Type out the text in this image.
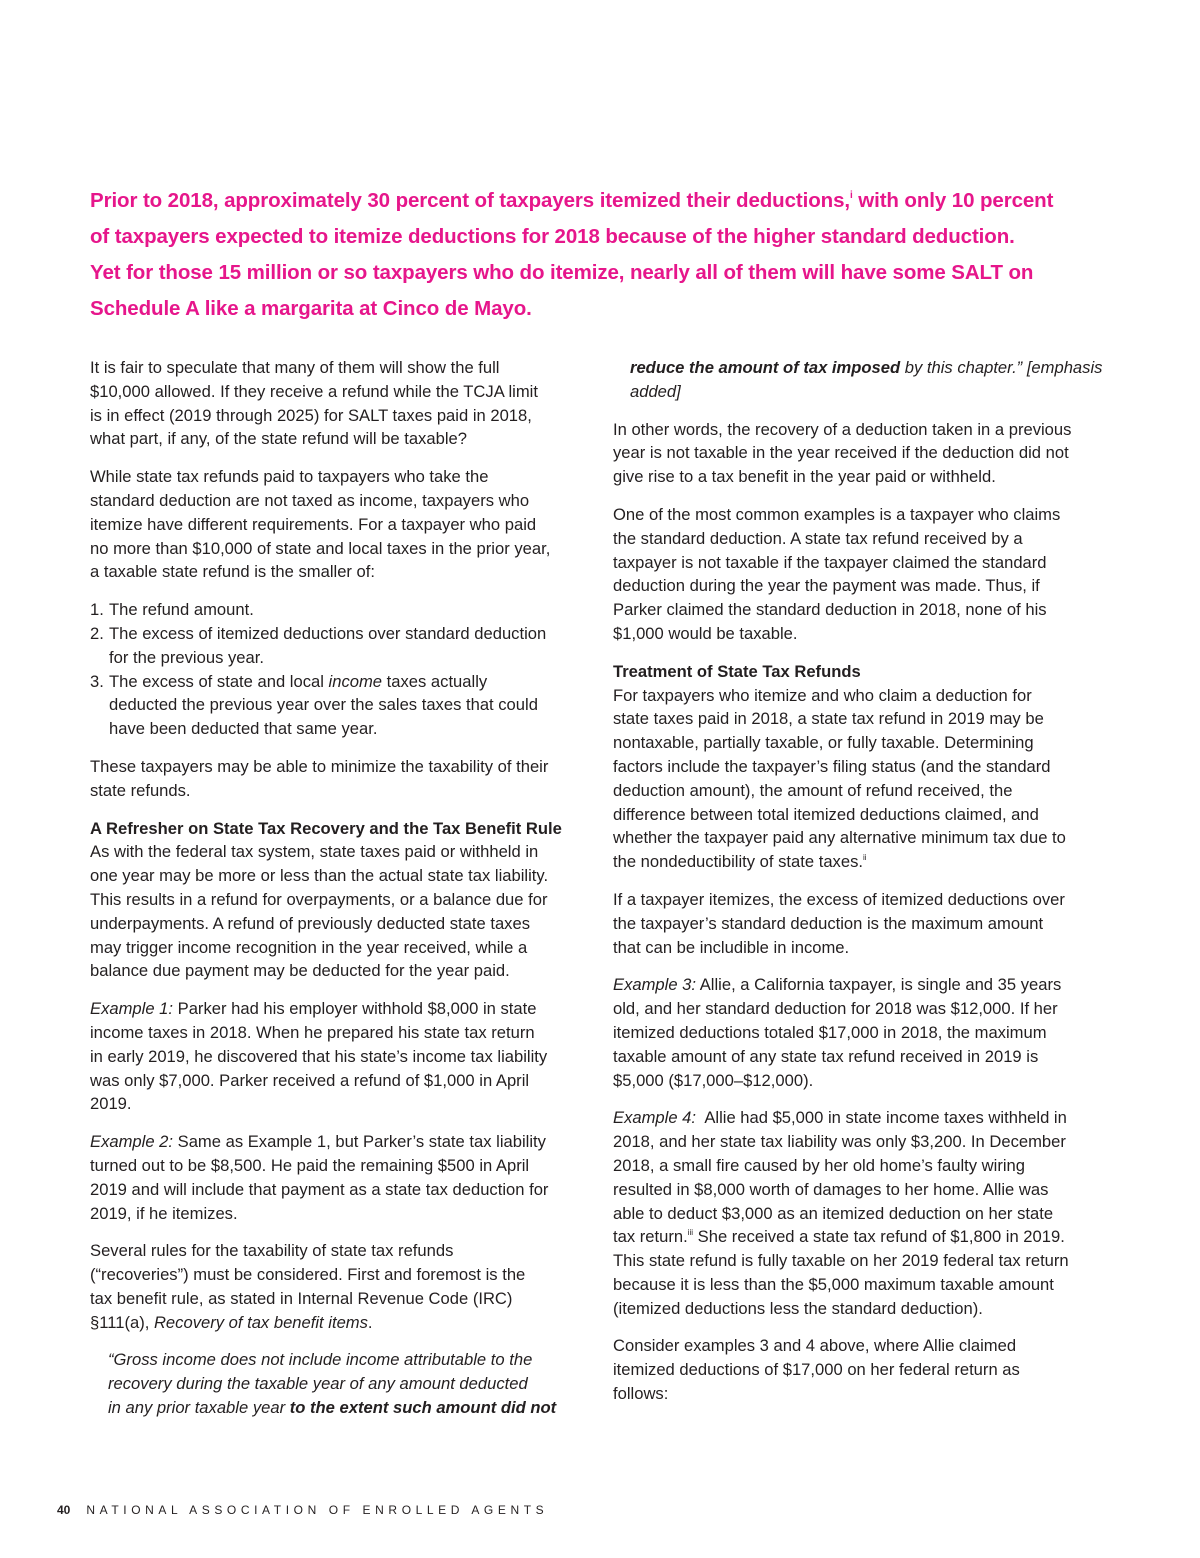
Prior to 2018, approximately 30 percent of taxpayers itemized their deductions,$^i$ with only 10 percent
of taxpayers expected to itemize deductions for 2018 because of the higher standard deduction.
Yet for those 15 million or so taxpayers who do itemize, nearly all of them will have some SALT on
Schedule A like a margarita at Cinco de Mayo.

It is fair to speculate that many of them will show the full
$10,000 allowed. If they receive a refund while the TCJA limit
is in effect (2019 through 2025) for SALT taxes paid in 2018,
what part, if any, of the state refund will be taxable?

While state tax refunds paid to taxpayers who take the
standard deduction are not taxed as income, taxpayers who
itemize have different requirements. For a taxpayer who paid
no more than $10,000 of state and local taxes in the prior year,
a taxable state refund is the smaller of:

1. The refund amount.
2. The excess of itemized deductions over standard deduction
for the previous year.
3. The excess of state and local income taxes actually
deducted the previous year over the sales taxes that could
have been deducted that same year.

These taxpayers may be able to minimize the taxability of their
state refunds.

A Refresher on State Tax Recovery and the Tax Benefit Rule

As with the federal tax system, state taxes paid or withheld in
one year may be more or less than the actual state tax liability.
This results in a refund for overpayments, or a balance due for
underpayments. A refund of previously deducted state taxes
may trigger income recognition in the year received, while a
balance due payment may be deducted for the year paid.

Example 1: Parker had his employer withhold $8,000 in state
income taxes in 2018. When he prepared his state tax return
in early 2019, he discovered that his state’s income tax liability
was only $7,000. Parker received a refund of $1,000 in April
2019.

Example 2: Same as Example 1, but Parker’s state tax liability
turned out to be $8,500. He paid the remaining $500 in April
2019 and will include that payment as a state tax deduction for
2019, if he itemizes.

Several rules for the taxability of state tax refunds
(“recoveries”) must be considered. First and foremost is the
tax benefit rule, as stated in Internal Revenue Code (IRC)
§111(a), Recovery of tax benefit items.

“Gross income does not include income attributable to the
recovery during the taxable year of any amount deducted
in any prior taxable year to the extent such amount did not

reduce the amount of tax imposed by this chapter.” [emphasis
added]

In other words, the recovery of a deduction taken in a previous
year is not taxable in the year received if the deduction did not
give rise to a tax benefit in the year paid or withheld.

One of the most common examples is a taxpayer who claims
the standard deduction. A state tax refund received by a
taxpayer is not taxable if the taxpayer claimed the standard
deduction during the year the payment was made. Thus, if
Parker claimed the standard deduction in 2018, none of his
$1,000 would be taxable.

Treatment of State Tax Refunds

For taxpayers who itemize and who claim a deduction for
state taxes paid in 2018, a state tax refund in 2019 may be
nontaxable, partially taxable, or fully taxable. Determining
factors include the taxpayer’s filing status (and the standard
deduction amount), the amount of refund received, the
difference between total itemized deductions claimed, and
whether the taxpayer paid any alternative minimum tax due to
the nondeductibility of state taxes.$^{ii}$

If a taxpayer itemizes, the excess of itemized deductions over
the taxpayer’s standard deduction is the maximum amount
that can be includible in income.

Example 3: Allie, a California taxpayer, is single and 35 years
old, and her standard deduction for 2018 was $12,000. If her
itemized deductions totaled $17,000 in 2018, the maximum
taxable amount of any state tax refund received in 2019 is
$5,000 ($17,000–$12,000).

Example 4:  Allie had $5,000 in state income taxes withheld in
2018, and her state tax liability was only $3,200. In December
2018, a small fire caused by her old home’s faulty wiring
resulted in $8,000 worth of damages to her home. Allie was
able to deduct $3,000 as an itemized deduction on her state
tax return.$^{iii}$ She received a state tax refund of $1,800 in 2019.
This state refund is fully taxable on her 2019 federal tax return
because it is less than the $5,000 maximum taxable amount
(itemized deductions less the standard deduction).

Consider examples 3 and 4 above, where Allie claimed
itemized deductions of $17,000 on her federal return as
follows:

40 NATIONAL ASSOCIATION OF ENROLLED AGENTS
